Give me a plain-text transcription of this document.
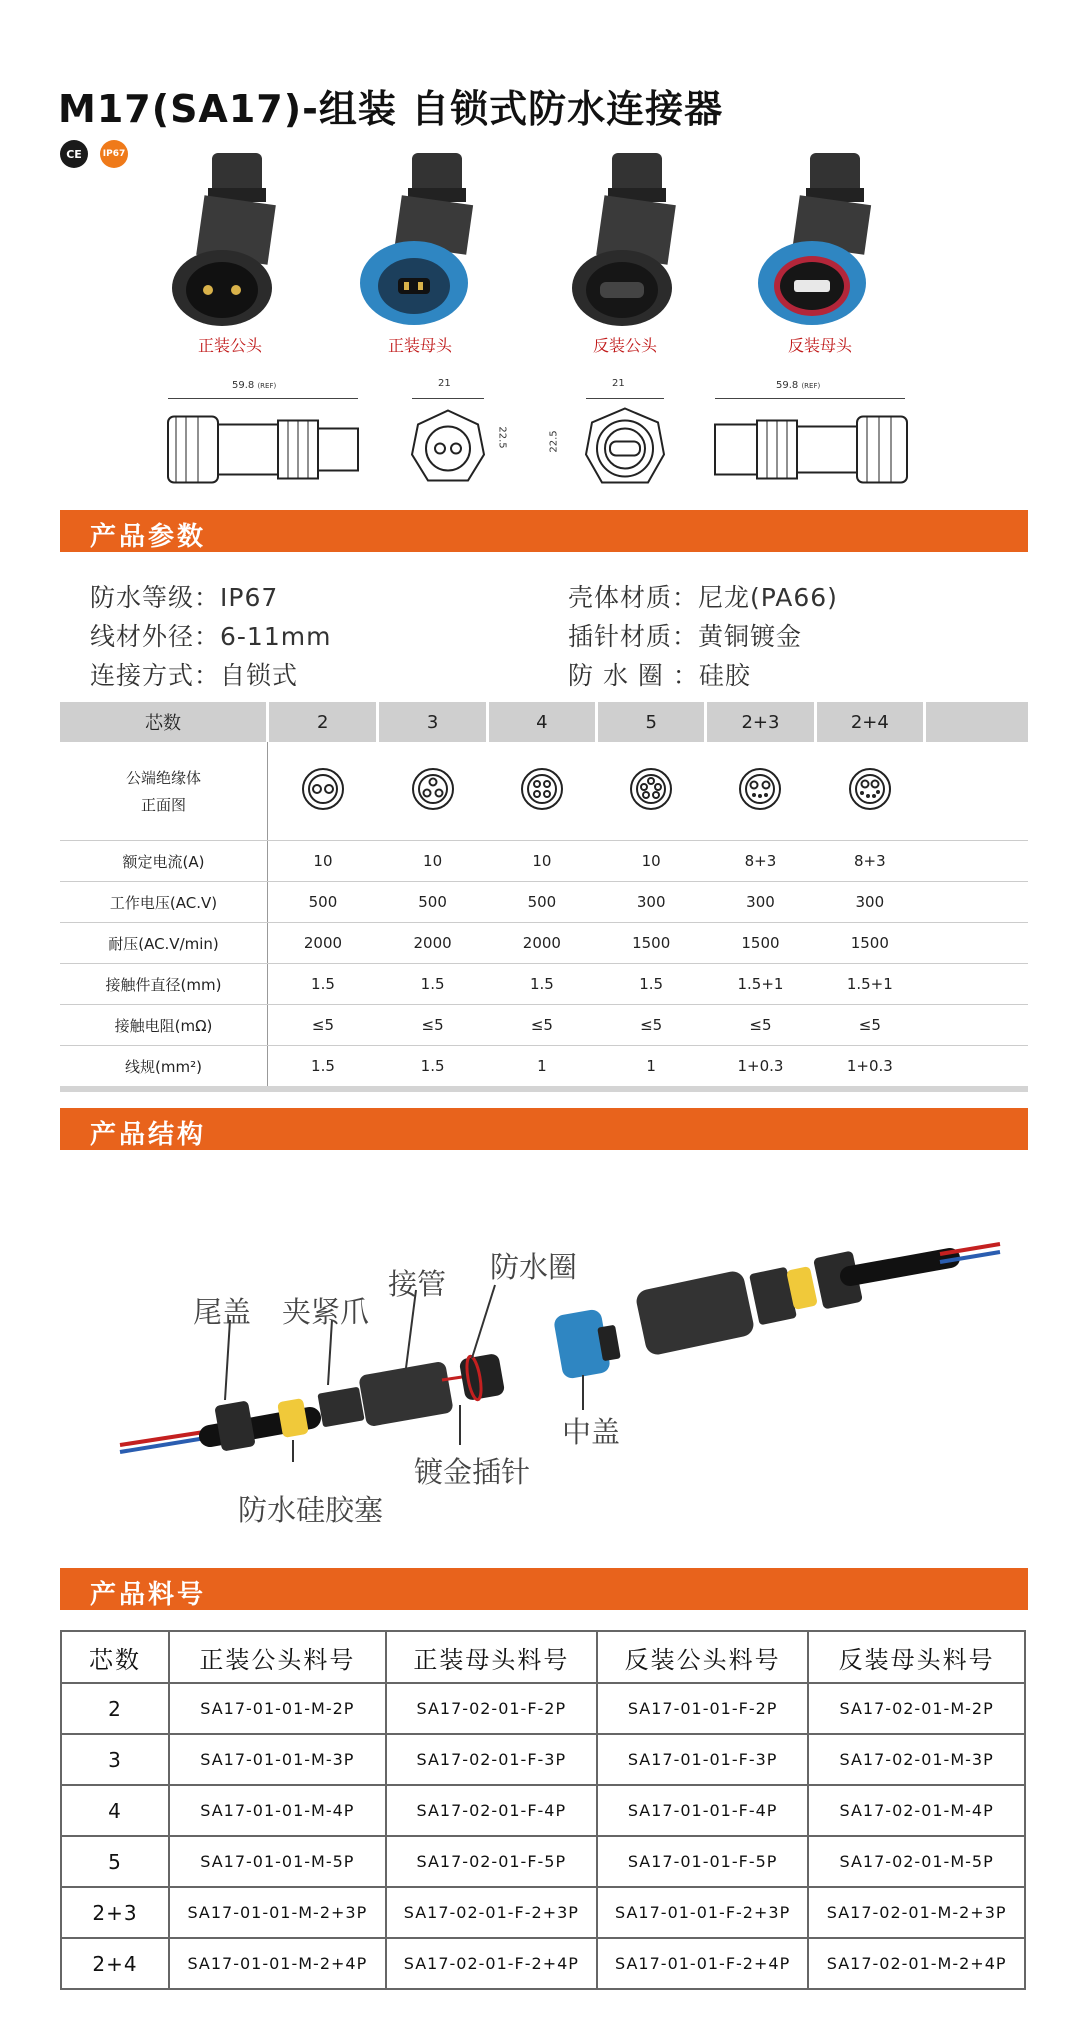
M17(SA17)-组装 自锁式防水连接器
CE	IP67
正装公头	正装母头	反装公头	反装母头
59.8 (REF)	21
22.5
21
22.5
59.8 (REF)
产品参数
防水等级：IP67
线材外径：6-11mm
连接方式：自锁式
壳体材质：尼龙(PA66)
插针材质：黄铜镀金
防 水 圈 ：硅胶
芯数	2	3	4	5	2+3	2+4	

公端绝缘体
正面图

额定电流(A)	10	10	10	10	8+3	8+3	
工作电压(AC.V)	500	500	500	300	300	300	
耐压(AC.V/min)	2000	2000	2000	1500	1500	1500	
接触件直径(mm)	1.5	1.5	1.5	1.5	1.5+1	1.5+1	
接触电阻(mΩ)	≤5	≤5	≤5	≤5	≤5	≤5	
线规(mm²)	1.5	1.5	1	1	1+0.3	1+0.3	
产品结构
尾盖 夹紧爪
接管 防水圈
中盖
镀金插针
防水硅胶塞
产品料号
芯数	正装公头料号	正装母头料号	反装公头料号	反装母头料号
2	SA17-01-01-M-2P	SA17-02-01-F-2P	SA17-01-01-F-2P	SA17-02-01-M-2P
3	SA17-01-01-M-3P	SA17-02-01-F-3P	SA17-01-01-F-3P	SA17-02-01-M-3P
4	SA17-01-01-M-4P	SA17-02-01-F-4P	SA17-01-01-F-4P	SA17-02-01-M-4P
5	SA17-01-01-M-5P	SA17-02-01-F-5P	SA17-01-01-F-5P	SA17-02-01-M-5P
2+3	SA17-01-01-M-2+3P	SA17-02-01-F-2+3P	SA17-01-01-F-2+3P	SA17-02-01-M-2+3P
2+4	SA17-01-01-M-2+4P	SA17-02-01-F-2+4P	SA17-01-01-F-2+4P	SA17-02-01-M-2+4P
